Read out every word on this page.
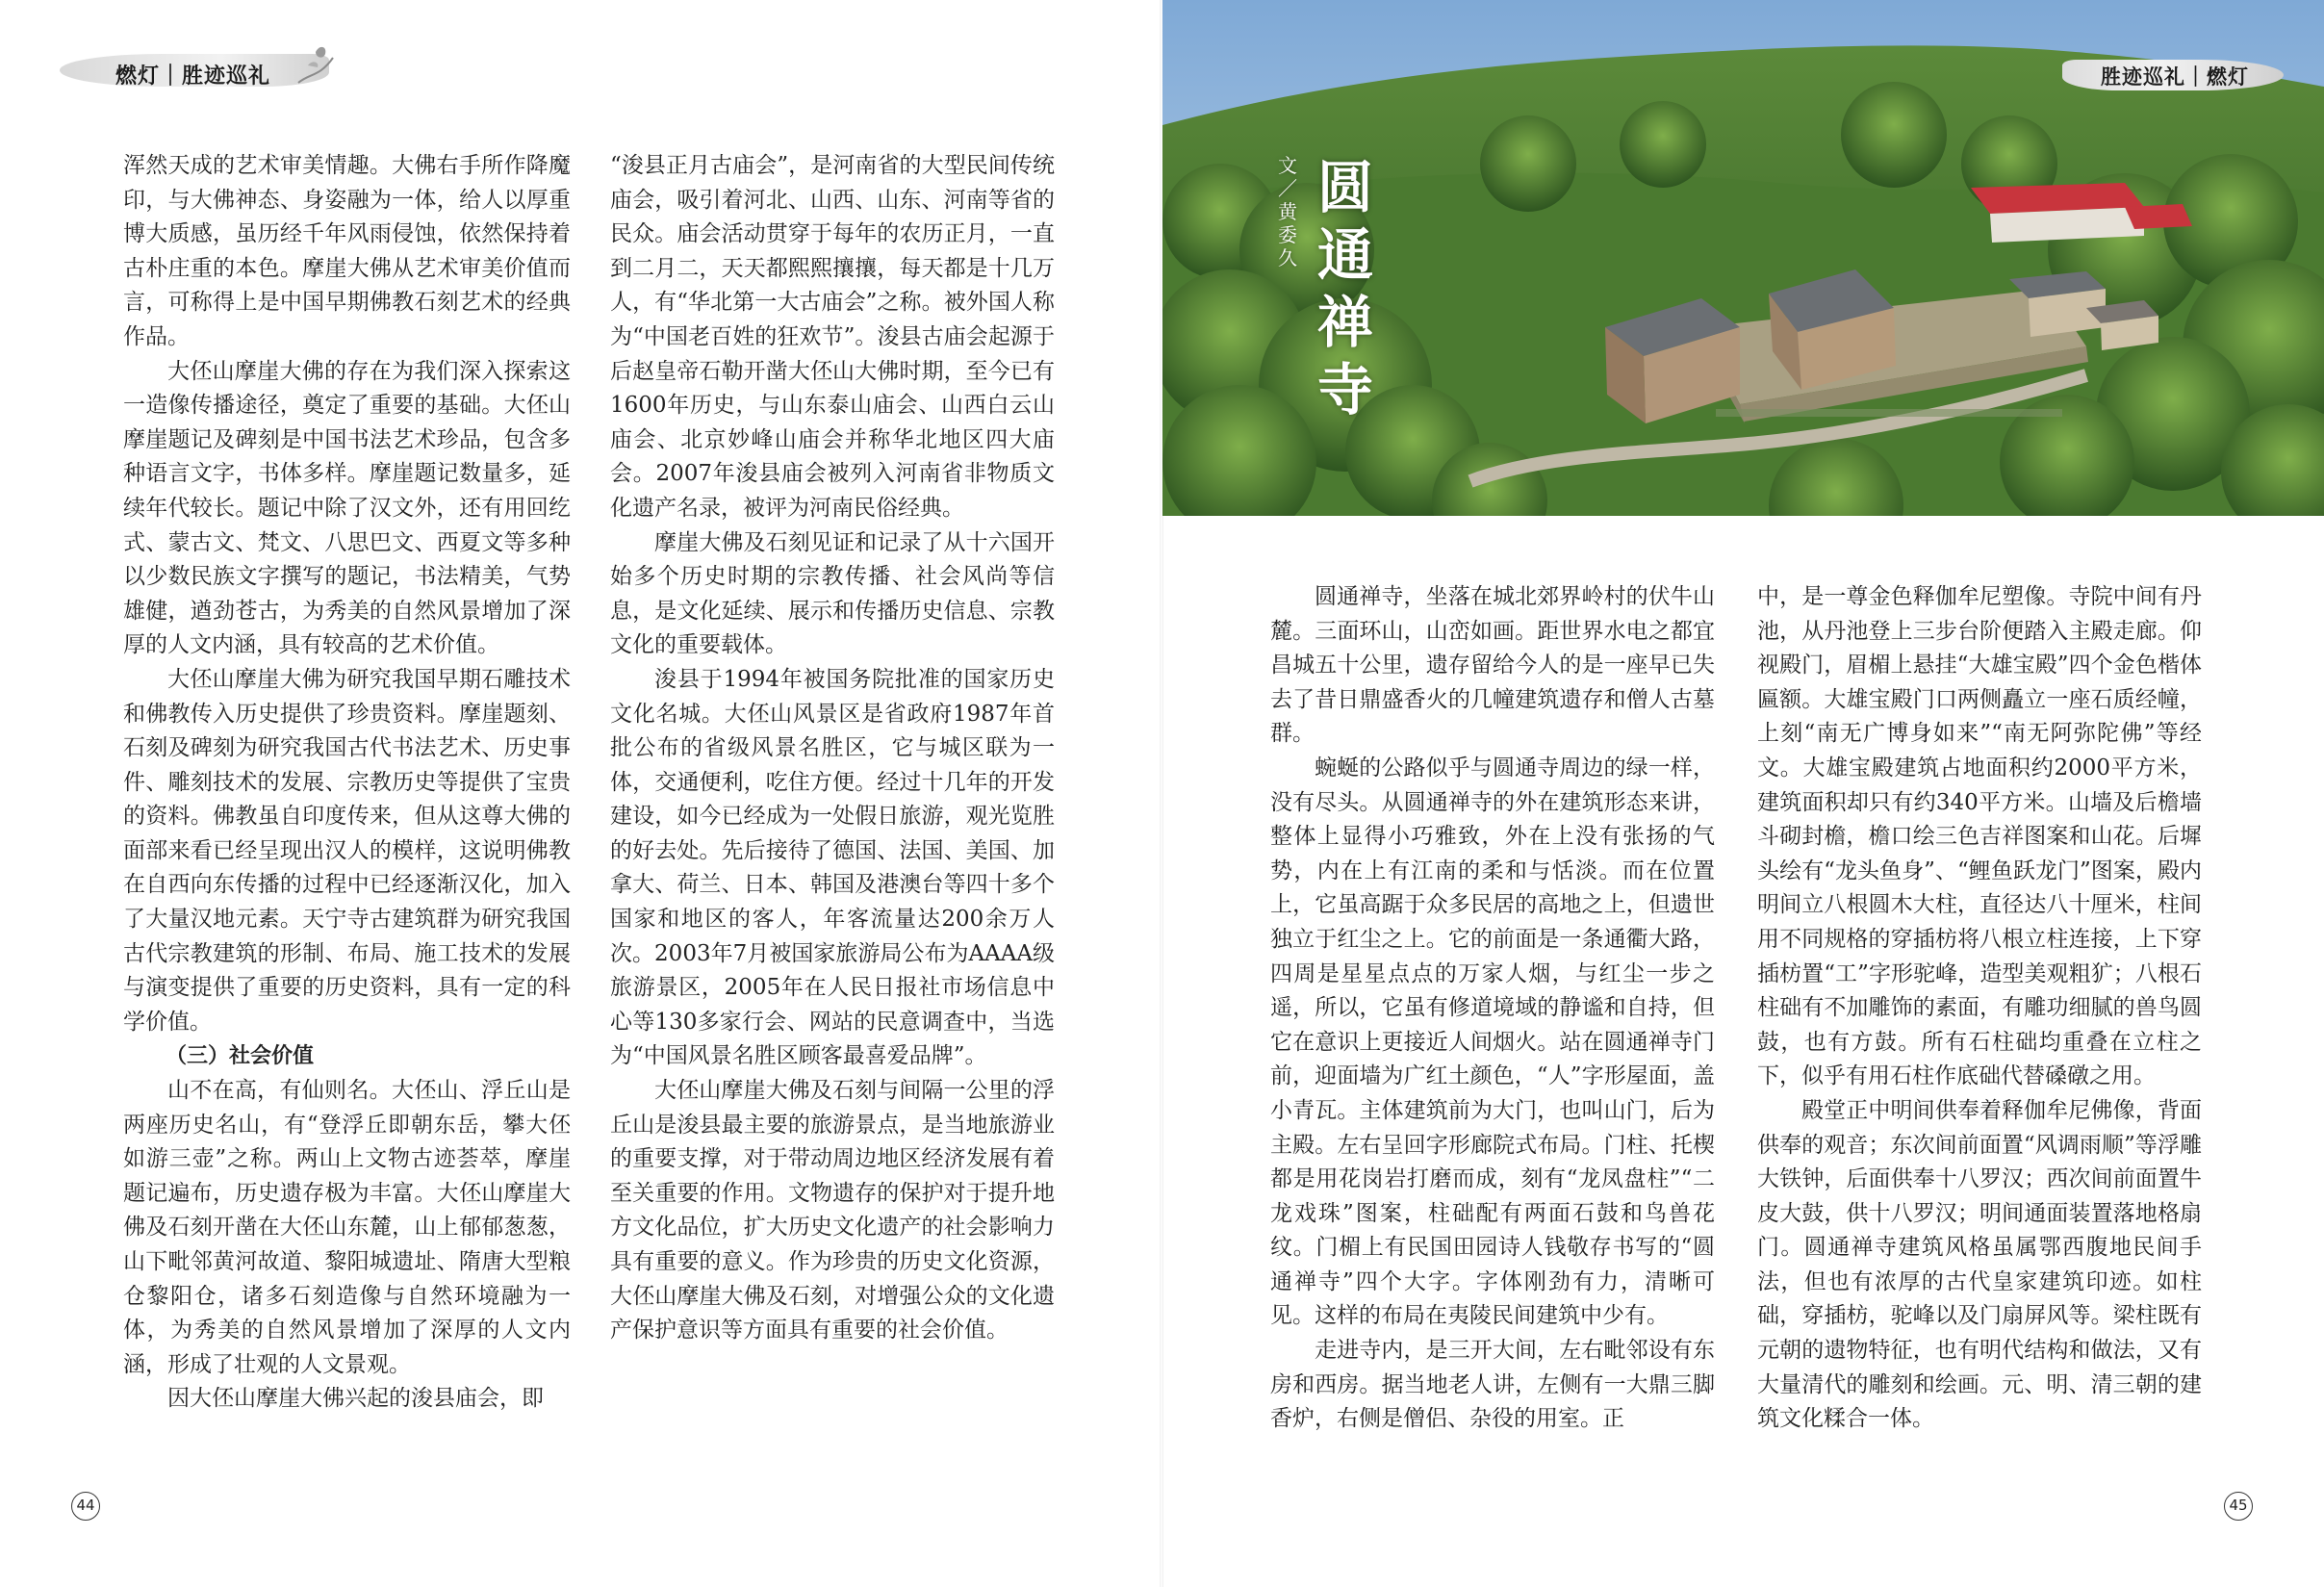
燃灯｜胜迹巡礼

浑然天成的艺术审美情趣。大佛右手所作降魔印，与大佛神态、身姿融为一体，给人以厚重博大质感，虽历经千年风雨侵蚀，依然保持着古朴庄重的本色。摩崖大佛从艺术审美价值而言，可称得上是中国早期佛教石刻艺术的经典作品。

大伾山摩崖大佛的存在为我们深入探索这一造像传播途径，奠定了重要的基础。大伾山摩崖题记及碑刻是中国书法艺术珍品，包含多种语言文字，书体多样。摩崖题记数量多，延续年代较长。题记中除了汉文外，还有用回纥式、蒙古文、梵文、八思巴文、西夏文等多种以少数民族文字撰写的题记，书法精美，气势雄健，遒劲苍古，为秀美的自然风景增加了深厚的人文内涵，具有较高的艺术价值。

大伾山摩崖大佛为研究我国早期石雕技术和佛教传入历史提供了珍贵资料。摩崖题刻、石刻及碑刻为研究我国古代书法艺术、历史事件、雕刻技术的发展、宗教历史等提供了宝贵的资料。佛教虽自印度传来，但从这尊大佛的面部来看已经呈现出汉人的模样，这说明佛教在自西向东传播的过程中已经逐渐汉化，加入了大量汉地元素。天宁寺古建筑群为研究我国古代宗教建筑的形制、布局、施工技术的发展与演变提供了重要的历史资料，具有一定的科学价值。

（三）社会价值

山不在高，有仙则名。大伾山、浮丘山是两座历史名山，有“登浮丘即朝东岳，攀大伾如游三壶”之称。两山上文物古迹荟萃，摩崖题记遍布，历史遗存极为丰富。大伾山摩崖大佛及石刻开凿在大伾山东麓，山上郁郁葱葱，山下毗邻黄河故道、黎阳城遗址、隋唐大型粮仓黎阳仓，诸多石刻造像与自然环境融为一体，为秀美的自然风景增加了深厚的人文内涵，形成了壮观的人文景观。

因大伾山摩崖大佛兴起的浚县庙会，即

“浚县正月古庙会”，是河南省的大型民间传统庙会，吸引着河北、山西、山东、河南等省的民众。庙会活动贯穿于每年的农历正月，一直到二月二，天天都熙熙攘攘，每天都是十几万人，有“华北第一大古庙会”之称。被外国人称为“中国老百姓的狂欢节”。浚县古庙会起源于后赵皇帝石勒开凿大伾山大佛时期，至今已有1600年历史，与山东泰山庙会、山西白云山庙会、北京妙峰山庙会并称华北地区四大庙会。2007年浚县庙会被列入河南省非物质文化遗产名录，被评为河南民俗经典。

摩崖大佛及石刻见证和记录了从十六国开始多个历史时期的宗教传播、社会风尚等信息，是文化延续、展示和传播历史信息、宗教文化的重要载体。

浚县于1994年被国务院批准的国家历史文化名城。大伾山风景区是省政府1987年首批公布的省级风景名胜区，它与城区联为一体，交通便利，吃住方便。经过十几年的开发建设，如今已经成为一处假日旅游，观光览胜的好去处。先后接待了德国、法国、美国、加拿大、荷兰、日本、韩国及港澳台等四十多个国家和地区的客人，年客流量达200余万人次。2003年7月被国家旅游局公布为AAAA级旅游景区，2005年在人民日报社市场信息中心等130多家行会、网站的民意调查中，当选为“中国风景名胜区顾客最喜爱品牌”。

大伾山摩崖大佛及石刻与间隔一公里的浮丘山是浚县最主要的旅游景点，是当地旅游业的重要支撑，对于带动周边地区经济发展有着至关重要的作用。文物遗存的保护对于提升地方文化品位，扩大历史文化遗产的社会影响力具有重要的意义。作为珍贵的历史文化资源，大伾山摩崖大佛及石刻，对增强公众的文化遗产保护意识等方面具有重要的社会价值。

44
文
／
黄
委
久
圆
通
禅
寺
胜迹巡礼｜燃灯

圆通禅寺，坐落在城北郊界岭村的伏牛山麓。三面环山，山峦如画。距世界水电之都宜昌城五十公里，遗存留给今人的是一座早已失去了昔日鼎盛香火的几幢建筑遗存和僧人古墓群。

蜿蜒的公路似乎与圆通寺周边的绿一样，没有尽头。从圆通禅寺的外在建筑形态来讲，整体上显得小巧雅致，外在上没有张扬的气势，内在上有江南的柔和与恬淡。而在位置上，它虽高踞于众多民居的高地之上，但遗世独立于红尘之上。它的前面是一条通衢大路，四周是星星点点的万家人烟，与红尘一步之遥，所以，它虽有修道境域的静谧和自持，但它在意识上更接近人间烟火。站在圆通禅寺门前，迎面墙为广红土颜色，“人”字形屋面，盖小青瓦。主体建筑前为大门，也叫山门，后为主殿。左右呈回字形廊院式布局。门柱、托楔都是用花岗岩打磨而成，刻有“龙凤盘柱”“二龙戏珠”图案，柱础配有两面石鼓和鸟兽花纹。门楣上有民国田园诗人钱敬存书写的“圆通禅寺”四个大字。字体刚劲有力，清晰可见。这样的布局在夷陵民间建筑中少有。

走进寺内，是三开大间，左右毗邻设有东房和西房。据当地老人讲，左侧有一大鼎三脚香炉，右侧是僧侣、杂役的用室。正

中，是一尊金色释伽牟尼塑像。寺院中间有丹池，从丹池登上三步台阶便踏入主殿走廊。仰视殿门，眉楣上悬挂“大雄宝殿”四个金色楷体匾额。大雄宝殿门口两侧矗立一座石质经幢，上刻“南无广博身如来”“南无阿弥陀佛”等经文。大雄宝殿建筑占地面积约2000平方米，建筑面积却只有约340平方米。山墙及后檐墙斗砌封檐，檐口绘三色吉祥图案和山花。后墀头绘有“龙头鱼身”、“鲤鱼跃龙门”图案，殿内明间立八根圆木大柱，直径达八十厘米，柱间用不同规格的穿插枋将八根立柱连接，上下穿插枋置“工”字形驼峰，造型美观粗犷；八根石柱础有不加雕饰的素面，有雕功细腻的兽鸟圆鼓，也有方鼓。所有石柱础均重叠在立柱之下，似乎有用石柱作底础代替磉礅之用。

殿堂正中明间供奉着释伽牟尼佛像，背面供奉的观音；东次间前面置“风调雨顺”等浮雕大铁钟，后面供奉十八罗汉；西次间前面置牛皮大鼓，供十八罗汉；明间通面装置落地格扇门。圆通禅寺建筑风格虽属鄂西腹地民间手法，但也有浓厚的古代皇家建筑印迹。如柱础，穿插枋，驼峰以及门扇屏风等。梁柱既有元朝的遗物特征，也有明代结构和做法，又有大量清代的雕刻和绘画。元、明、清三朝的建筑文化糅合一体。

45
